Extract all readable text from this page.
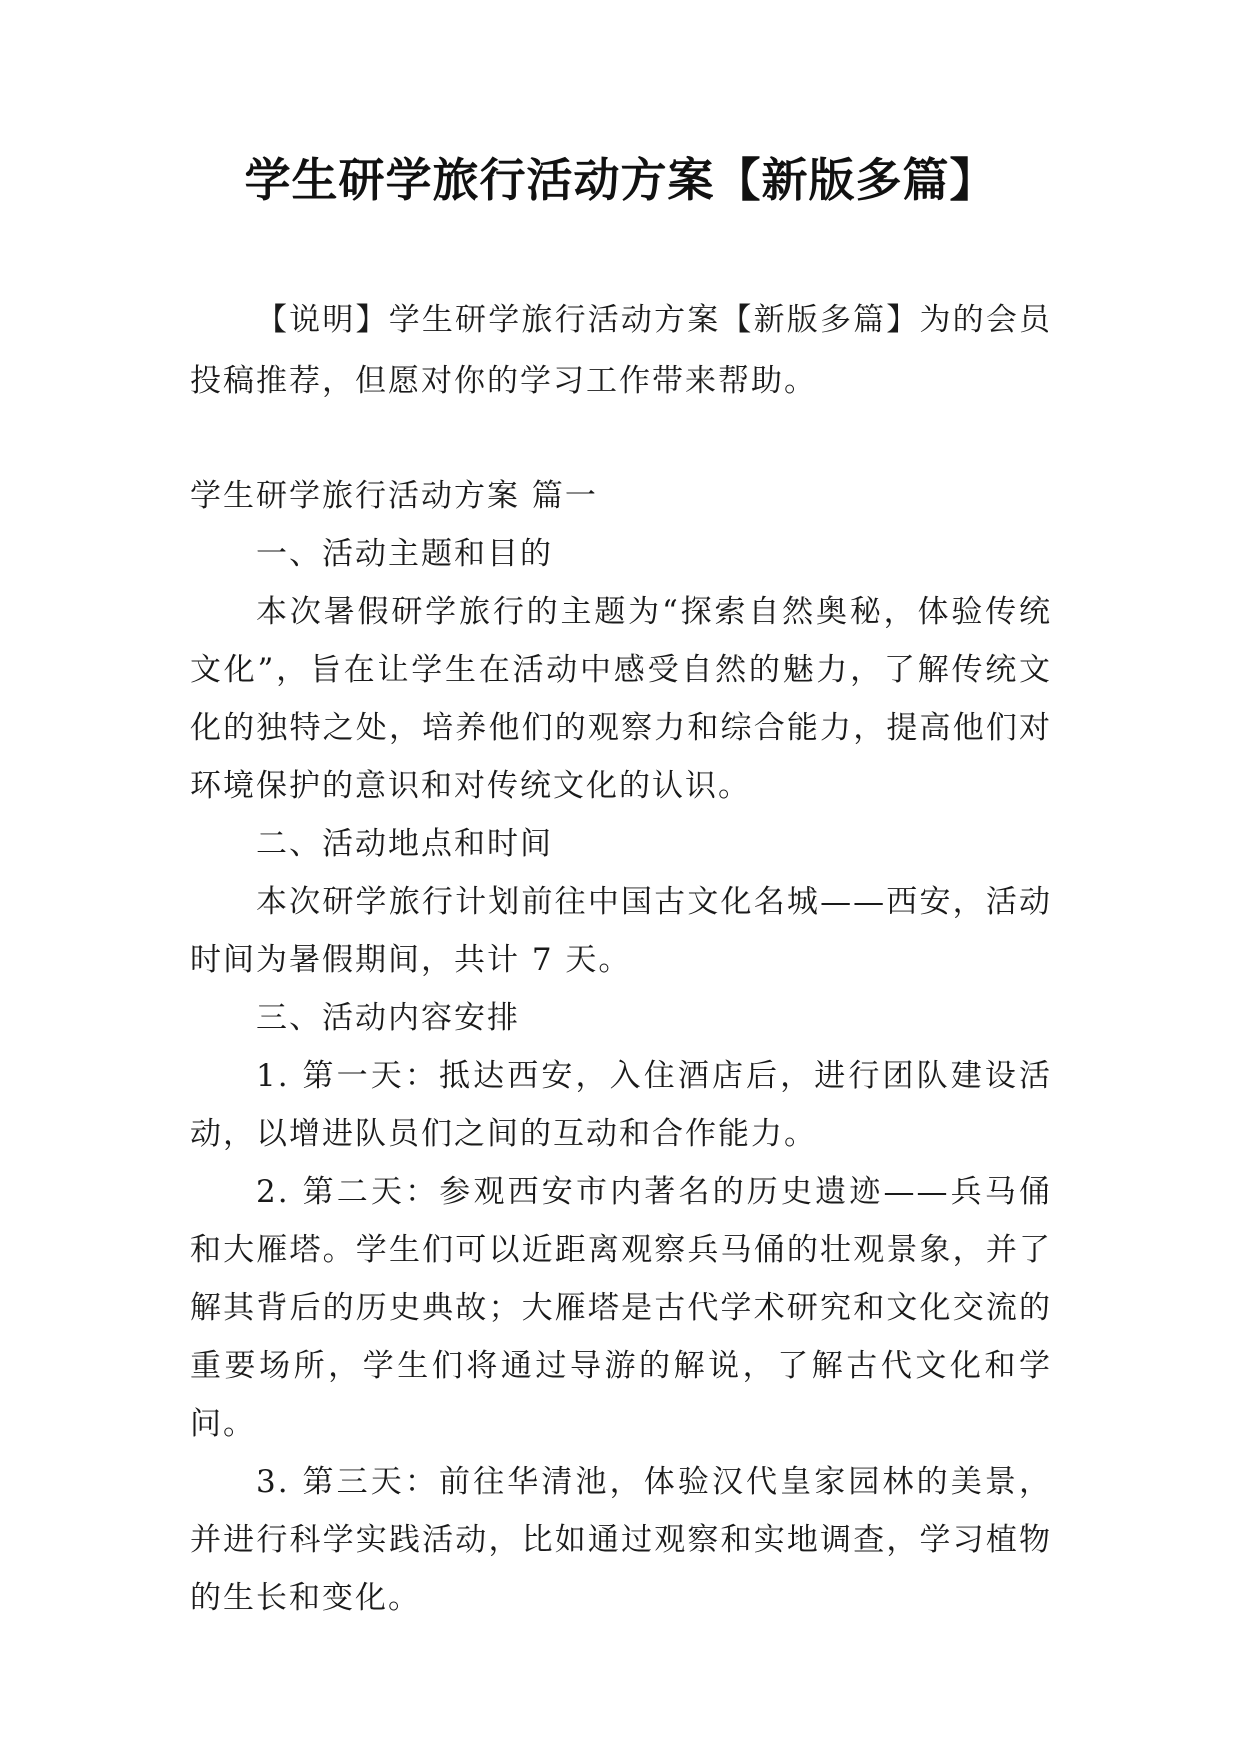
学生研学旅行活动方案【新版多篇】

【说明】学生研学旅行活动方案【新版多篇】为的会员投稿推荐，但愿对你的学习工作带来帮助。

学生研学旅行活动方案 篇一

一、活动主题和目的

本次暑假研学旅行的主题为“探索自然奥秘，体验传统文化”，旨在让学生在活动中感受自然的魅力，了解传统文化的独特之处，培养他们的观察力和综合能力，提高他们对环境保护的意识和对传统文化的认识。

二、活动地点和时间

本次研学旅行计划前往中国古文化名城——西安，活动时间为暑假期间，共计 7 天。

三、活动内容安排

1. 第一天：抵达西安，入住酒店后，进行团队建设活动，以增进队员们之间的互动和合作能力。

2. 第二天：参观西安市内著名的历史遗迹——兵马俑和大雁塔。学生们可以近距离观察兵马俑的壮观景象，并了解其背后的历史典故；大雁塔是古代学术研究和文化交流的重要场所，学生们将通过导游的解说，了解古代文化和学问。

3. 第三天：前往华清池，体验汉代皇家园林的美景，并进行科学实践活动，比如通过观察和实地调查，学习植物的生长和变化。
